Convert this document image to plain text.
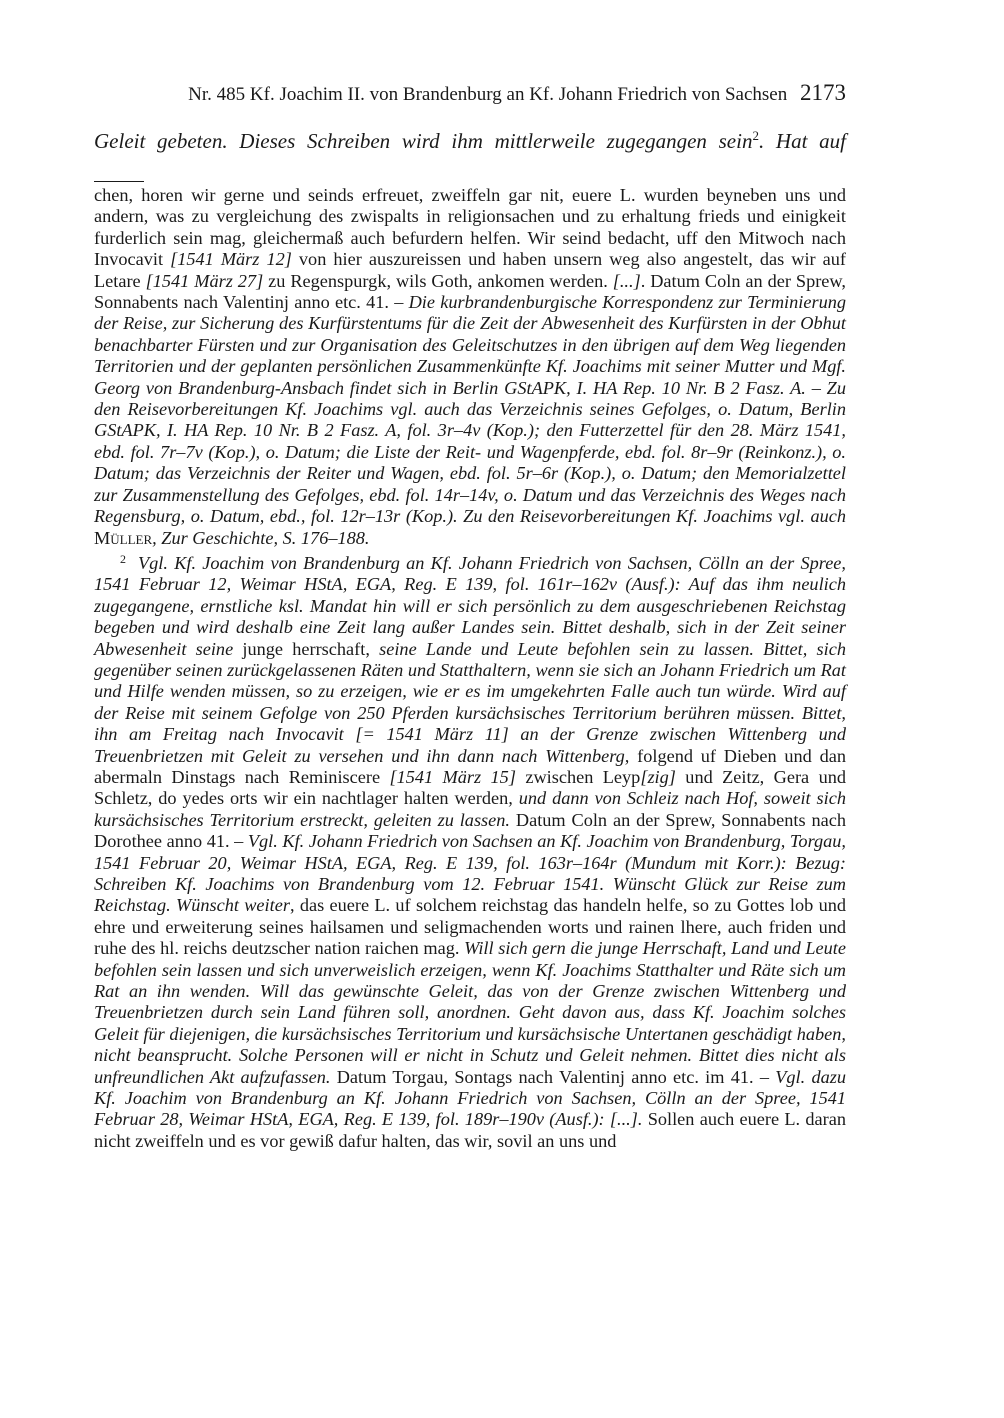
Nr. 485 Kf. Joachim II. von Brandenburg an Kf. Johann Friedrich von Sachsen 2173
Geleit gebeten. Dieses Schreiben wird ihm mittlerweile zugegangen sein$^2$. Hat auf

chen, horen wir gerne und seinds erfreuet, zweiffeln gar nit, euere L. wurden beyneben uns und andern, was zu vergleichung des zwispalts in religionsachen und zu erhaltung frieds und einigkeit furderlich sein mag, gleichermaß auch befurdern helfen. Wir seind bedacht, uff den Mitwoch nach Invocavit [1541 März 12] von hier auszureissen und haben unsern weg also angestelt, das wir auf Letare [1541 März 27] zu Regenspurgk, wils Goth, ankomen werden. [...]. Datum Coln an der Sprew, Sonnabents nach Valentinj anno etc. 41. – Die kurbrandenburgische Korrespondenz zur Terminierung der Reise, zur Sicherung des Kurfürstentums für die Zeit der Abwesenheit des Kurfürsten in der Obhut benachbarter Fürsten und zur Organisation des Geleitschutzes in den übrigen auf dem Weg liegenden Territorien und der geplanten persönlichen Zusammenkünfte Kf. Joachims mit seiner Mutter und Mgf. Georg von Brandenburg-Ansbach findet sich in Berlin GStAPK, I. HA Rep. 10 Nr. B 2 Fasz. A. – Zu den Reisevorbereitungen Kf. Joachims vgl. auch das Verzeichnis seines Gefolges, o. Datum, Berlin GStAPK, I. HA Rep. 10 Nr. B 2 Fasz. A, fol. 3r–4v (Kop.); den Futterzettel für den 28. März 1541, ebd. fol. 7r–7v (Kop.), o. Datum; die Liste der Reit- und Wagenpferde, ebd. fol. 8r–9r (Reinkonz.), o. Datum; das Verzeichnis der Reiter und Wagen, ebd. fol. 5r–6r (Kop.), o. Datum; den Memorialzettel zur Zusammenstellung des Gefolges, ebd. fol. 14r–14v, o. Datum und das Verzeichnis des Weges nach Regensburg, o. Datum, ebd., fol. 12r–13r (Kop.). Zu den Reisevorbereitungen Kf. Joachims vgl. auch Müller, Zur Geschichte, S. 176–188.

$^2$ Vgl. Kf. Joachim von Brandenburg an Kf. Johann Friedrich von Sachsen, Cölln an der Spree, 1541 Februar 12, Weimar HStA, EGA, Reg. E 139, fol. 161r–162v (Ausf.): Auf das ihm neulich zugegangene, ernstliche ksl. Mandat hin will er sich persönlich zu dem ausgeschriebenen Reichstag begeben und wird deshalb eine Zeit lang außer Landes sein. Bittet deshalb, sich in der Zeit seiner Abwesenheit seine junge herrschaft, seine Lande und Leute befohlen sein zu lassen. Bittet, sich gegenüber seinen zurückgelassenen Räten und Statthaltern, wenn sie sich an Johann Friedrich um Rat und Hilfe wenden müssen, so zu erzeigen, wie er es im umgekehrten Falle auch tun würde. Wird auf der Reise mit seinem Gefolge von 250 Pferden kursächsisches Territorium berühren müssen. Bittet, ihn am Freitag nach Invocavit [= 1541 März 11] an der Grenze zwischen Wittenberg und Treuenbrietzen mit Geleit zu versehen und ihn dann nach Wittenberg, folgend uf Dieben und dan abermaln Dinstags nach Reminiscere [1541 März 15] zwischen Leyp[zig] und Zeitz, Gera und Schletz, do yedes orts wir ein nachtlager halten werden, und dann von Schleiz nach Hof, soweit sich kursächsisches Territorium erstreckt, geleiten zu lassen. Datum Coln an der Sprew, Sonnabents nach Dorothee anno 41. – Vgl. Kf. Johann Friedrich von Sachsen an Kf. Joachim von Brandenburg, Torgau, 1541 Februar 20, Weimar HStA, EGA, Reg. E 139, fol. 163r–164r (Mundum mit Korr.): Bezug: Schreiben Kf. Joachims von Brandenburg vom 12. Februar 1541. Wünscht Glück zur Reise zum Reichstag. Wünscht weiter, das euere L. uf solchem reichstag das handeln helfe, so zu Gottes lob und ehre und erweiterung seines hailsamen und seligmachenden worts und rainen lhere, auch friden und ruhe des hl. reichs deutzscher nation raichen mag. Will sich gern die junge Herrschaft, Land und Leute befohlen sein lassen und sich unverweislich erzeigen, wenn Kf. Joachims Statthalter und Räte sich um Rat an ihn wenden. Will das gewünschte Geleit, das von der Grenze zwischen Wittenberg und Treuenbrietzen durch sein Land führen soll, anordnen. Geht davon aus, dass Kf. Joachim solches Geleit für diejenigen, die kursächsisches Territorium und kursächsische Untertanen geschädigt haben, nicht beansprucht. Solche Personen will er nicht in Schutz und Geleit nehmen. Bittet dies nicht als unfreundlichen Akt aufzufassen. Datum Torgau, Sontags nach Valentinj anno etc. im 41. – Vgl. dazu Kf. Joachim von Brandenburg an Kf. Johann Friedrich von Sachsen, Cölln an der Spree, 1541 Februar 28, Weimar HStA, EGA, Reg. E 139, fol. 189r–190v (Ausf.): [...]. Sollen auch euere L. daran nicht zweiffeln und es vor gewiß dafur halten, das wir, sovil an uns und
